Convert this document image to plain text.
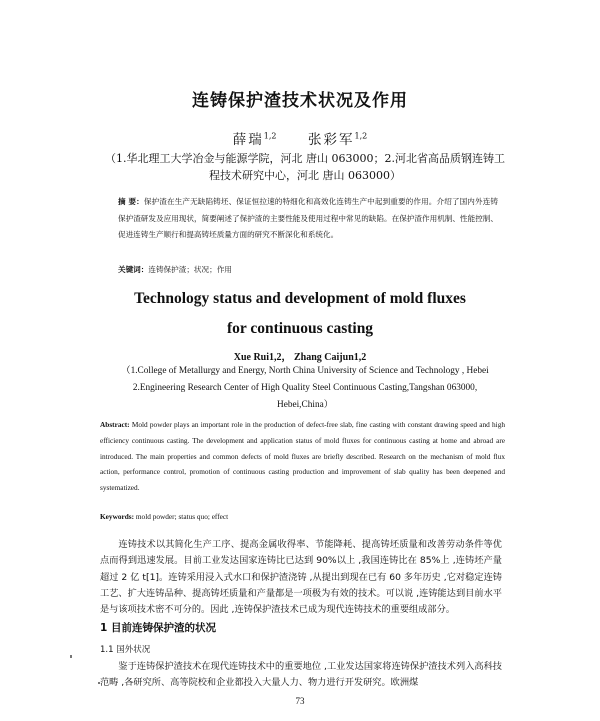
连铸保护渣技术状况及作用
薛瑞$^{1,2}$ 张彩军$^{1,2}$
（1.华北理工大学冶金与能源学院，河北 唐山 063000；2.河北省高品质钢连铸工程技术研究中心，河北 唐山 063000）
摘 要：保护渣在生产无缺陷铸坯、保证恒拉速的特细化和高效化连铸生产中起到重要的作用。介绍了国内外连铸保护渣研发及应用现状，简要阐述了保护渣的主要性能及使用过程中常见的缺陷。在保护渣作用机制、性能控制、促进连铸生产顺行和提高铸坯质量方面的研究不断深化和系统化。
关键词：连铸保护渣；状况；作用
Technology status and development of mold fluxes
for continuous casting
Xue Rui1,2， Zhang Caijun1,2
（1.College of Metallurgy and Energy, North China University of Science and Technology , Hebei
2.Engineering Research Center of High Quality Steel Continuous Casting,Tangshan 063000,
Hebei,China）
Abstract: Mold powder plays an important role in the production of defect-free slab, fine casting with constant drawing speed and high efficiency continuous casting. The development and application status of mold fluxes for continuous casting at home and abroad are introduced. The main properties and common defects of mold fluxes are briefly described. Research on the mechanism of mold flux action, performance control, promotion of continuous casting production and improvement of slab quality has been deepened and systematized.
Keywords: mold powder; status quo; effect
连铸技术以其简化生产工序、提高金属收得率、节能降耗、提高铸坯质量和改善劳动条件等优点而得到迅速发展。目前工业发达国家连铸比已达到 90%以上 ,我国连铸比在 85%上 ,连铸坯产量超过 2 亿 t[1]。连铸采用浸入式水口和保护渣浇铸 ,从提出到现在已有 60 多年历史 ,它对稳定连铸工艺、扩大连铸品种、提高铸坯质量和产量都是一项极为有效的技术。可以说 ,连铸能达到目前水平是与该项技术密不可分的。因此 ,连铸保护渣技术已成为现代连铸技术的重要组成部分。
1 目前连铸保护渣的状况
1.1 国外状况
鉴于连铸保护渣技术在现代连铸技术中的重要地位 ,工业发达国家将连铸保护渣技术列入高科技范畴 ,各研究所、高等院校和企业都投入大量人力、物力进行开发研究。欧洲煤
73
